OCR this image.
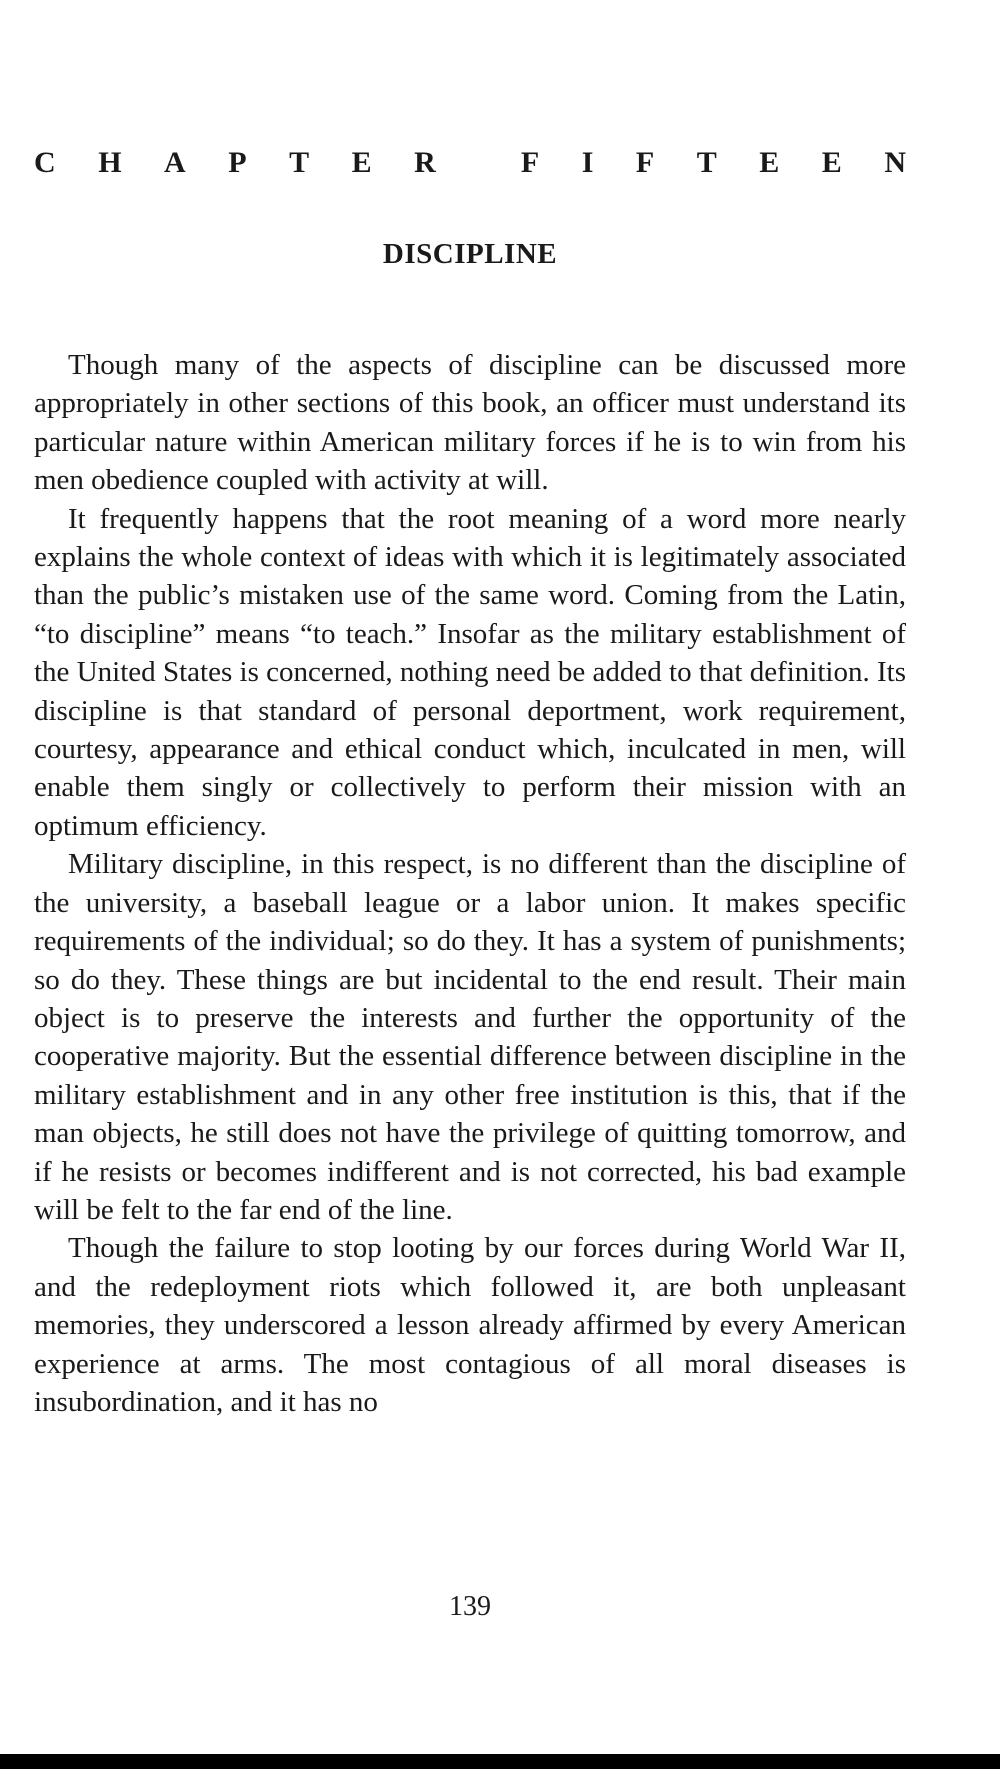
C H A P T E R	F I F T E E N
DISCIPLINE

Though many of the aspects of discipline can be discussed more appropriately in other sections of this book, an officer must understand its particular nature within American military forces if he is to win from his men obedience coupled with activity at will.

It frequently happens that the root meaning of a word more nearly explains the whole context of ideas with which it is legitimately associated than the public’s mistaken use of the same word. Coming from the Latin, “to discipline” means “to teach.” Insofar as the military establishment of the United States is concerned, nothing need be added to that definition. Its discipline is that standard of personal deportment, work requirement, courtesy, appearance and ethical conduct which, inculcated in men, will enable them singly or collectively to perform their mission with an optimum efficiency.

Military discipline, in this respect, is no different than the discipline of the university, a baseball league or a labor union. It makes specific requirements of the individual; so do they. It has a system of punishments; so do they. These things are but incidental to the end result. Their main object is to preserve the interests and further the opportunity of the cooperative majority. But the essential difference between discipline in the military establishment and in any other free institution is this, that if the man objects, he still does not have the privilege of quitting tomorrow, and if he resists or becomes indifferent and is not corrected, his bad example will be felt to the far end of the line.

Though the failure to stop looting by our forces during World War II, and the redeployment riots which followed it, are both unpleasant memories, they underscored a lesson already affirmed by every American experience at arms. The most contagious of all moral diseases is insubordination, and it has no

139
